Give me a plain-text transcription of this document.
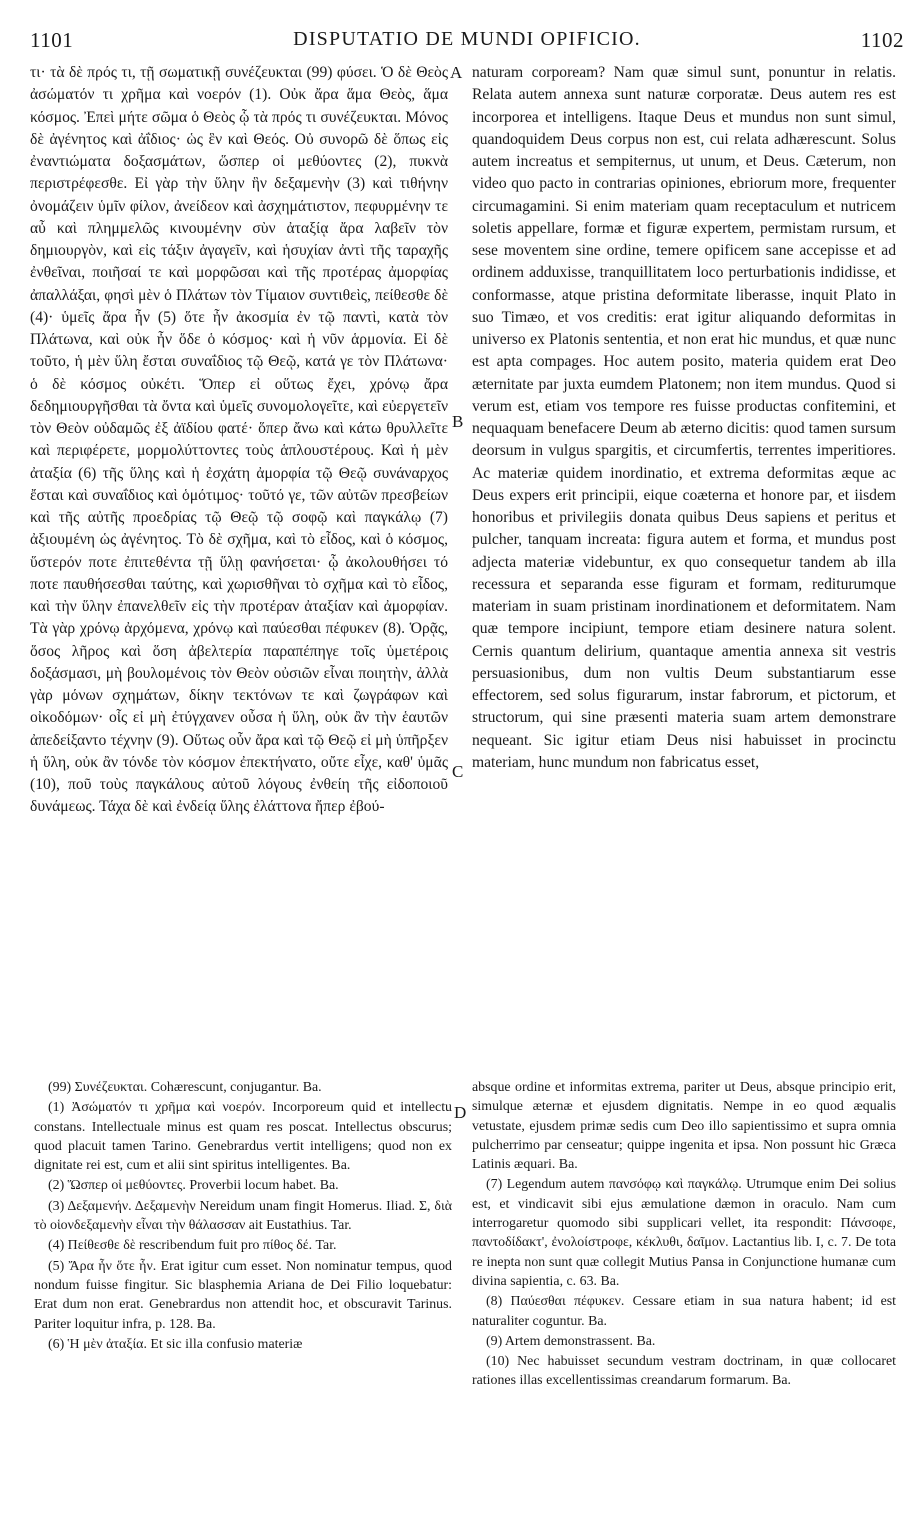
DISPUTATIO DE MUNDI OPIFICIO.
1101	1102
τι· τὰ δὲ πρός τι, τῇ σωματικῇ συνέζευκται (99) φύσει. Ὁ δὲ Θεὸς ἀσώματόν τι χρῆμα καὶ νοερόν (1). Οὐκ ἄρα ἅμα Θεὸς, ἅμα κόσμος. Ἐπεὶ μήτε σῶμα ὁ Θεὸς ᾧ τὰ πρός τι συνέζευκται. Μόνος δὲ ἀγένητος καὶ ἀΐδιος· ὡς ἓν καὶ Θεός. Οὐ συνορῶ δὲ ὅπως εἰς ἐναντιώματα δοξασμάτων, ὥσπερ οἱ μεθύοντες (2), πυκνὰ περιστρέφεσθε. Εἰ γὰρ τὴν ὕλην ἣν δεξαμενὴν (3) καὶ τιθήνην ὀνομάζειν ὑμῖν φίλον, ἀνείδεον καὶ ἀσχημάτιστον, πεφυρμένην τε αὖ καὶ πλημμελῶς κινουμένην σὺν ἀταξίᾳ ἄρα λαβεῖν τὸν δημιουργὸν, καὶ εἰς τάξιν ἀγαγεῖν, καὶ ἡσυχίαν ἀντὶ τῆς ταραχῆς ἐνθεῖναι, ποιῆσαί τε καὶ μορφῶσαι καὶ τῆς προτέρας ἀμορφίας ἀπαλλάξαι, φησὶ μὲν ὁ Πλάτων τὸν Τίμαιον συντιθεὶς, πείθεσθε δὲ (4)· ὑμεῖς ἄρα ἦν (5) ὅτε ἦν ἀκοσμία ἐν τῷ παντὶ, κατὰ τὸν Πλάτωνα, καὶ οὐκ ἦν ὅδε ὁ κόσμος· καὶ ἡ νῦν ἁρμονία. Εἰ δὲ τοῦτο, ἡ μὲν ὕλη ἔσται συναΐδιος τῷ Θεῷ, κατά γε τὸν Πλάτωνα· ὁ δὲ κόσμος οὐκέτι. Ὅπερ εἰ οὕτως ἔχει, χρόνῳ ἄρα δεδημιουργῆσθαι τὰ ὄντα καὶ ὑμεῖς συνομολογεῖτε, καὶ εὐεργετεῖν τὸν Θεὸν οὐδαμῶς ἐξ ἀϊδίου φατέ· ὅπερ ἄνω καὶ κάτω θρυλλεῖτε καὶ περιφέρετε, μορμολύττοντες τοὺς ἁπλουστέρους. Καὶ ἡ μὲν ἀταξία (6) τῆς ὕλης καὶ ἡ ἐσχάτη ἀμορφία τῷ Θεῷ συνάναρχος ἔσται καὶ συναΐδιος καὶ ὁμότιμος· τοῦτό γε, τῶν αὐτῶν πρεσβείων καὶ τῆς αὐτῆς προεδρίας τῷ Θεῷ τῷ σοφῷ καὶ παγκάλῳ (7) ἀξιουμένη ὡς ἀγένητος. Τὸ δὲ σχῆμα, καὶ τὸ εἶδος, καὶ ὁ κόσμος, ὕστερόν ποτε ἐπιτεθέντα τῇ ὕλῃ φανήσεται· ᾧ ἀκολουθήσει τό ποτε παυθήσεσθαι ταύτης, καὶ χωρισθῆναι τὸ σχῆμα καὶ τὸ εἶδος, καὶ τὴν ὕλην ἐπανελθεῖν εἰς τὴν προτέραν ἀταξίαν καὶ ἀμορφίαν. Τὰ γὰρ χρόνῳ ἀρχόμενα, χρόνῳ καὶ παύεσθαι πέφυκεν (8). Ὁρᾷς, ὅσος λῆρος καὶ ὅση ἀβελτερία παραπέπηγε τοῖς ὑμετέροις δοξάσμασι, μὴ βουλομένοις τὸν Θεὸν οὐσιῶν εἶναι ποιητὴν, ἀλλὰ γὰρ μόνων σχημάτων, δίκην τεκτόνων τε καὶ ζωγράφων καὶ οἰκοδόμων· οἷς εἰ μὴ ἐτύγχανεν οὖσα ἡ ὕλη, οὐκ ἂν τὴν ἑαυτῶν ἀπεδείξαντο τέχνην (9). Οὕτως οὖν ἄρα καὶ τῷ Θεῷ εἰ μὴ ὑπῆρξεν ἡ ὕλη, οὐκ ἂν τόνδε τὸν κόσμον ἐπεκτήνατο, οὔτε εἶχε, καθ' ὑμᾶς (10), ποῦ τοὺς παγκάλους αὐτοῦ λόγους ἐνθείη τῆς εἰδοποιοῦ δυνάμεως. Τάχα δὲ καὶ ἐνδείᾳ ὕλης ἐλάττονα ἤπερ ἐβού-
naturam corpoream? Nam quæ simul sunt, ponuntur in relatis. Relata autem annexa sunt naturæ corporatæ. Deus autem res est incorporea et intelligens. Itaque Deus et mundus non sunt simul, quandoquidem Deus corpus non est, cui relata adhærescunt. Solus autem increatus et sempiternus, ut unum, et Deus. Cæterum, non video quo pacto in contrarias opiniones, ebriorum more, frequenter circumagamini. Si enim materiam quam receptaculum et nutricem soletis appellare, formæ et figuræ expertem, permistam rursum, et sese moventem sine ordine, temere opificem sane accepisse et ad ordinem adduxisse, tranquillitatem loco perturbationis indidisse, et conformasse, atque pristina deformitate liberasse, inquit Plato in suo Timæo, et vos creditis: erat igitur aliquando deformitas in universo ex Platonis sententia, et non erat hic mundus, et quæ nunc est apta compages. Hoc autem posito, materia quidem erat Deo æternitate par juxta eumdem Platonem; non item mundus. Quod si verum est, etiam vos tempore res fuisse productas confitemini, et nequaquam benefacere Deum ab æterno dicitis: quod tamen sursum deorsum in vulgus spargitis, et circumfertis, terrentes imperitiores. Ac materiæ quidem inordinatio, et extrema deformitas æque ac Deus expers erit principii, eique coæterna et honore par, et iisdem honoribus et privilegiis donata quibus Deus sapiens et peritus et pulcher, tanquam increata: figura autem et forma, et mundus post adjecta materiæ videbuntur, ex quo consequetur tandem ab illa recessura et separanda esse figuram et formam, rediturumque materiam in suam pristinam inordinationem et deformitatem. Nam quæ tempore incipiunt, tempore etiam desinere natura solent. Cernis quantum delirium, quantaque amentia annexa sit vestris persuasionibus, dum non vultis Deum substantiarum esse effectorem, sed solus figurarum, instar fabrorum, et pictorum, et structorum, qui sine præsenti materia suam artem demonstrare nequeant. Sic igitur etiam Deus nisi habuisset in procinctu materiam, hunc mundum non fabricatus esset,
A
B
C
D

(99) Συνέζευκται. Cohærescunt, conjugantur. Ba.

(1) Ἀσώματόν τι χρῆμα καὶ νοερόν. Incorporeum quid et intellectu constans. Intellectuale minus est quam res poscat. Intellectus obscurus; quod placuit tamen Tarino. Genebrardus vertit intelligens; quod non ex dignitate rei est, cum et alii sint spiritus intelligentes. Ba.

(2) Ὥσπερ οἱ μεθύοντες. Proverbii locum habet. Ba.

(3) Δεξαμενήν. Δεξαμενὴν Nereidum unam fingit Homerus. Iliad. Σ, διὰ τὸ οἱονδεξαμενὴν εἶναι τὴν θάλασσαν ait Eustathius. Tar.

(4) Πείθεσθε δὲ rescribendum fuit pro πίθος δέ. Tar.

(5) Ἄρα ἦν ὅτε ἦν. Erat igitur cum esset. Non nominatur tempus, quod nondum fuisse fingitur. Sic blasphemia Ariana de Dei Filio loquebatur: Erat dum non erat. Genebrardus non attendit hoc, et obscuravit Tarinus. Pariter loquitur infra, p. 128. Ba.

(6) Ἡ μὲν ἀταξία. Et sic illa confusio materiæ

absque ordine et informitas extrema, pariter ut Deus, absque principio erit, simulque æternæ et ejusdem dignitatis. Nempe in eo quod æqualis vetustate, ejusdem primæ sedis cum Deo illo sapientissimo et supra omnia pulcherrimo par censeatur; quippe ingenita et ipsa. Non possunt hic Græca Latinis æquari. Ba.

(7) Legendum autem πανσόφῳ καὶ παγκάλῳ. Utrumque enim Dei solius est, et vindicavit sibi ejus æmulatione dæmon in oraculo. Nam cum interrogaretur quomodo sibi supplicari vellet, ita respondit: Πάνσοφε, παντοδίδακτ', ἐνολοίστροφε, κέκλυθι, δαῖμον. Lactantius lib. I, c. 7. De tota re inepta non sunt quæ collegit Mutius Pansa in Conjunctione humanæ cum divina sapientia, c. 63. Ba.

(8) Παύεσθαι πέφυκεν. Cessare etiam in sua natura habent; id est naturaliter coguntur. Ba.

(9) Artem demonstrassent. Ba.

(10) Nec habuisset secundum vestram doctrinam, in quæ collocaret rationes illas excellentissimas creandarum formarum. Ba.
